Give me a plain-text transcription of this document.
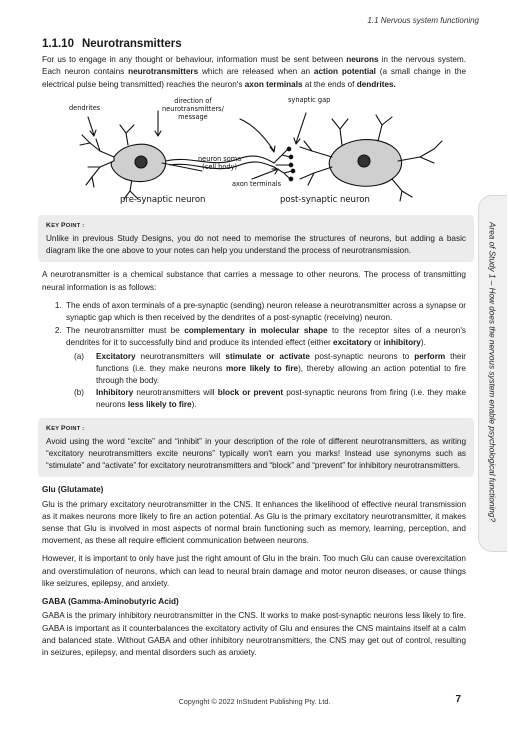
1.1 Nervous system functioning
1.1.10 Neurotransmitters

For us to engage in any thought or behaviour, information must be sent between neurons in the nervous system. Each neuron contains neurotransmitters which are released when an action potential (a small change in the electrical pulse being transmitted) reaches the neuron's axon terminals at the ends of dendrites.

dendrites
direction of
neurotransmitters/
message
synaptic gap
neuron soma
(cell body)
axon terminals
pre-synaptic neuron	post-synaptic neuron
KEY POINT :
Unlike in previous Study Designs, you do not need to memorise the structures of neurons, but adding a basic diagram like the one above to your notes can help you understand the process of neurotransmission.

A neurotransmitter is a chemical substance that carries a message to other neurons. The process of transmitting neural information is as follows:

1. The ends of axon terminals of a pre-synaptic (sending) neuron release a neurotransmitter across a synapse or synaptic gap which is then received by the dendrites of a post-synaptic (receiving) neuron.
2. The neurotransmitter must be complementary in molecular shape to the receptor sites of a neuron's dendrites for it to successfully bind and produce its intended effect (either excitatory or inhibitory).
(a) Excitatory neurotransmitters will stimulate or activate post-synaptic neurons to perform their functions (i.e. they make neurons more likely to fire), thereby allowing an action potential to fire through the body.
(b) Inhibitory neurotransmitters will block or prevent post-synaptic neurons from firing (i.e. they make neurons less likely to fire).
KEY POINT :
Avoid using the word “excite” and “inhibit” in your description of the role of different neurotransmitters, as writing “excitatory neurotransmitters excite neurons” typically won't earn you marks! Instead use synonyms such as “stimulate” and “activate” for excitatory neurotransmitters and “block” and “prevent” for inhibitory neurotransmitters.
Glu (Glutamate)

Glu is the primary excitatory neurotransmitter in the CNS. It enhances the likelihood of effective neural transmission as it makes neurons more likely to fire an action potential. As Glu is the primary excitatory neurotransmitter, it makes sense that Glu is involved in most aspects of normal brain functioning such as memory, learning, perception, and movement, as these all require efficient communication between neurons.

However, it is important to only have just the right amount of Glu in the brain. Too much Glu can cause overexcitation and overstimulation of neurons, which can lead to neural brain damage and motor neuron diseases, or cause things like seizures, epilepsy, and anxiety.

GABA (Gamma-Aminobutyric Acid)

GABA is the primary inhibitory neurotransmitter in the CNS. It works to make post-synaptic neurons less likely to fire. GABA is important as it counterbalances the excitatory activity of Glu and ensures the CNS maintains itself at a calm and balanced state. Without GABA and other inhibitory neurotransmitters, the CNS may get out of control, resulting in seizures, epilepsy, and mental disorders such as anxiety.

Area of Study 1 – How does the nervous system enable psychological functioning?
Copyright © 2022 InStudent Publishing Pty. Ltd.	7
